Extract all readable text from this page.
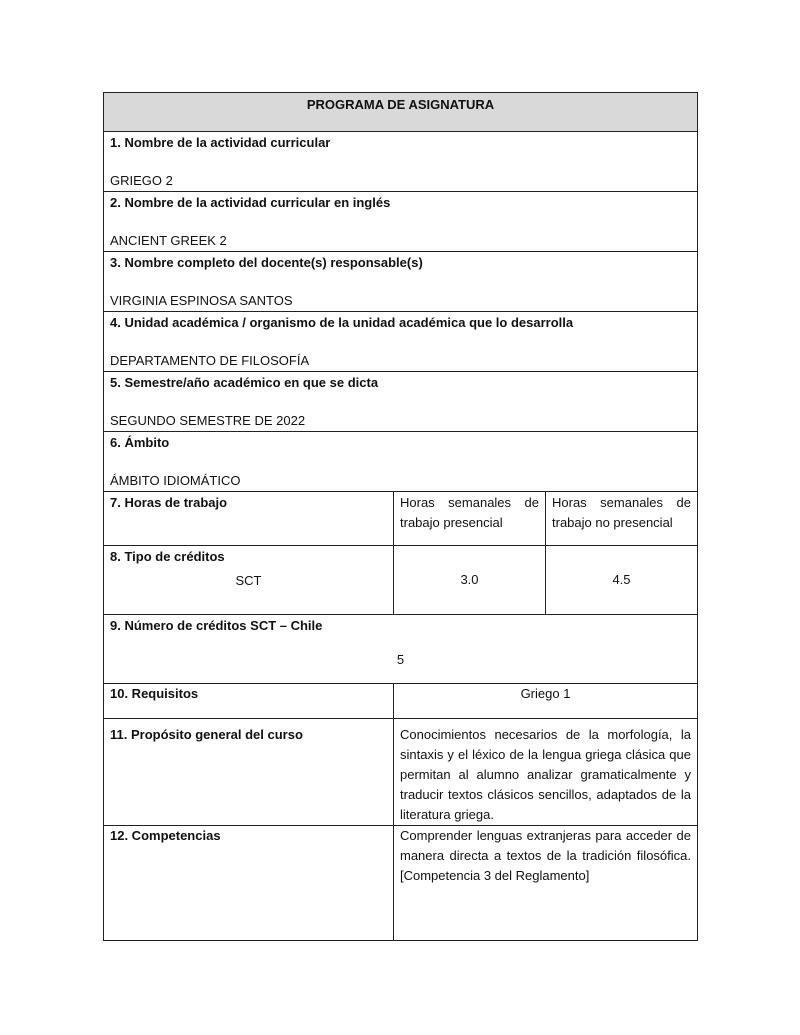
PROGRAMA DE ASIGNATURA		

1. Nombre de la actividad curricular
GRIEGO 2		

2. Nombre de la actividad curricular en inglés
ANCIENT GREEK 2		

3. Nombre completo del docente(s) responsable(s)
VIRGINIA ESPINOSA SANTOS		

4. Unidad académica / organismo de la unidad académica que lo desarrolla
DEPARTAMENTO DE FILOSOFÍA		

5. Semestre/año académico en que se dicta
SEGUNDO SEMESTRE DE 2022		

6. Ámbito
ÁMBITO IDIOMÁTICO		

7. Horas de trabajo	Horas semanales de trabajo presencial	Horas semanales de trabajo no presencial

8. Tipo de créditos
SCT	3.0	4.5

9. Número de créditos SCT – Chile
5		

10. Requisitos	Griego 1	
11. Propósito general del curso	Conocimientos necesarios de la morfología, la sintaxis y el léxico de la lengua griega clásica que permitan al alumno analizar gramaticalmente y traducir textos clásicos sencillos, adaptados de la literatura griega.	
12. Competencias	Comprender lenguas extranjeras para acceder de manera directa a textos de la tradición filosófica. [Competencia 3 del Reglamento]	
